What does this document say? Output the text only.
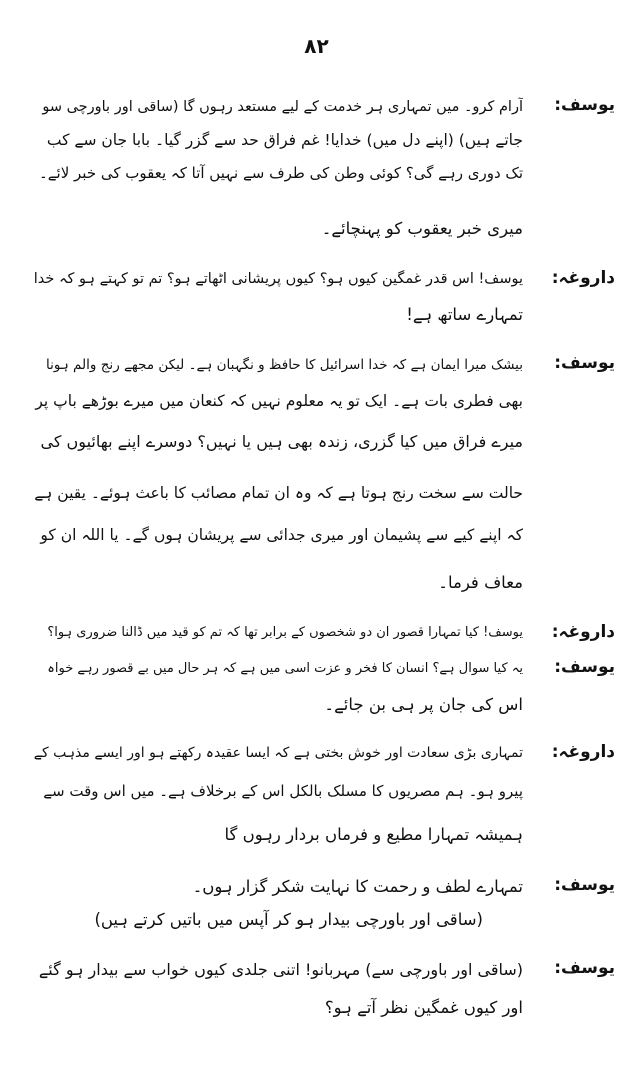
۸۲
یوسف:
آرام کرو۔ میں تمہاری ہر خدمت کے لیے مستعد رہوں گا (ساقی اور باورچی سو
جاتے ہیں) (اپنے دل میں) خدایا! غم فراق حد سے گزر گیا۔ بابا جان سے کب
تک دوری رہے گی؟ کوئی وطن کی طرف سے نہیں آتا کہ یعقوب کی خبر لائے۔
میری خبر یعقوب کو پہنچائے۔
داروغہ:
یوسف! اس قدر غمگین کیوں ہو؟ کیوں پریشانی اٹھاتے ہو؟ تم تو کہتے ہو کہ خدا
تمہارے ساتھ ہے!
یوسف:
بیشک میرا ایمان ہے کہ خدا اسرائیل کا حافظ و نگہبان ہے۔ لیکن مجھے رنج والم ہونا
بھی فطری بات ہے۔ ایک تو یہ معلوم نہیں کہ کنعان میں میرے بوڑھے باپ پر
میرے فراق میں کیا گزری، زندہ بھی ہیں یا نہیں؟ دوسرے اپنے بھائیوں کی
حالت سے سخت رنج ہوتا ہے کہ وہ ان تمام مصائب کا باعث ہوئے۔ یقین ہے
کہ اپنے کیے سے پشیمان اور میری جدائی سے پریشان ہوں گے۔ یا اللہ ان کو
معاف فرما۔
داروغہ:
یوسف! کیا تمہارا قصور ان دو شخصوں کے برابر تھا کہ تم کو قید میں ڈالنا ضروری ہوا؟
یوسف:
یہ کیا سوال ہے؟ انسان کا فخر و عزت اسی میں ہے کہ ہر حال میں بے قصور رہے خواہ
اس کی جان پر ہی بن جائے۔
داروغہ:
تمہاری بڑی سعادت اور خوش بختی ہے کہ ایسا عقیدہ رکھتے ہو اور ایسے مذہب کے
پیرو ہو۔ ہم مصریوں کا مسلک بالکل اس کے برخلاف ہے۔ میں اس وقت سے
ہمیشہ تمہارا مطیع و فرماں بردار رہوں گا
یوسف:
تمہارے لطف و رحمت کا نہایت شکر گزار ہوں۔
(ساقی اور باورچی بیدار ہو کر آپس میں باتیں کرتے ہیں)
یوسف:
(ساقی اور باورچی سے) مہربانو! اتنی جلدی کیوں خواب سے بیدار ہو گئے
اور کیوں غمگین نظر آتے ہو؟
